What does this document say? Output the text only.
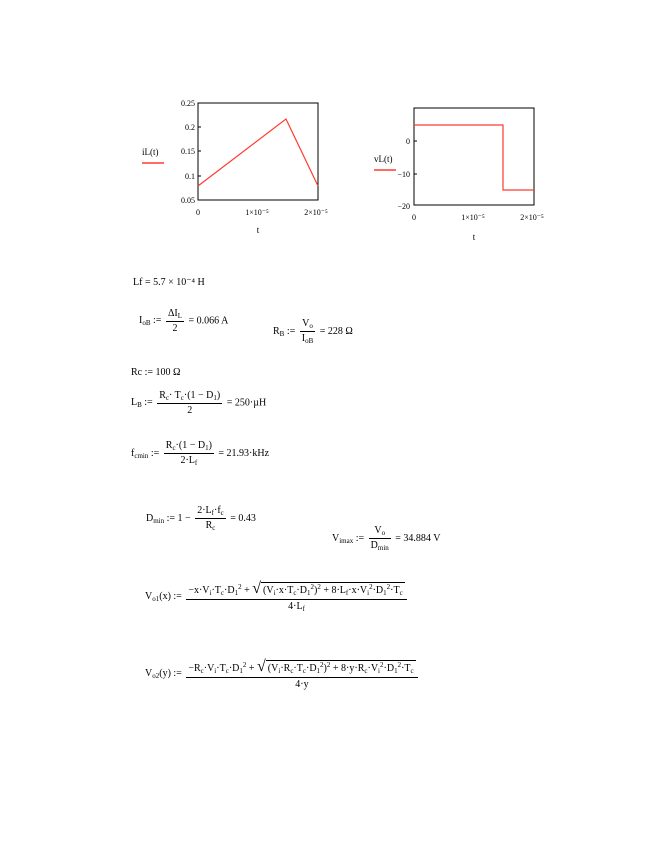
0.25
0.2
0.15
0.1
0.05
0	1×10⁻⁵	2×10⁻⁵
t
iL(t)
0
−10
−20
0	1×10⁻⁵	2×10⁻⁵
t
vL(t)
Lf = 5.7 × 10⁻⁴ H
$I_{oB}$ := $\frac{\Delta I_L}{2} = 0.066$ A
$R_B$ := $\frac{V_o}{I_{oB}} = 228$ Ω
Rc := 100 Ω
$L_B$ := $\frac{R_c\cdot T_c\cdot(1 - D_1)}{2} = 250\cdot\mu H$
$f_{cmin}$ := $\frac{R_c\cdot(1 - D_1)}{2\cdot L_f} = 21.93\cdot kHz$
$D_{min}$ := $1 - \frac{2\cdot L_f\cdot f_c}{R_c} = 0.43$
$V_{imax}$ := $\frac{V_o}{D_{min}} = 34.884$ V
$V_{o1}(x)$ := $\frac{-x\cdot V_i\cdot T_c\cdot D_1^2 + √ (V_i\cdot x\cdot T_c\cdot D_1^2)^2 + 8\cdot L_f\cdot x\cdot V_i^2\cdot D_1^2\cdot T_c}{4\cdot L_f}$
$V_{o2}(y)$ := $\frac{-R_c\cdot V_i\cdot T_c\cdot D_1^2 + √ (V_i\cdot R_c\cdot T_c\cdot D_1^2)^2 + 8\cdot y\cdot R_c\cdot V_i^2\cdot D_1^2\cdot T_c}{4\cdot y}$
